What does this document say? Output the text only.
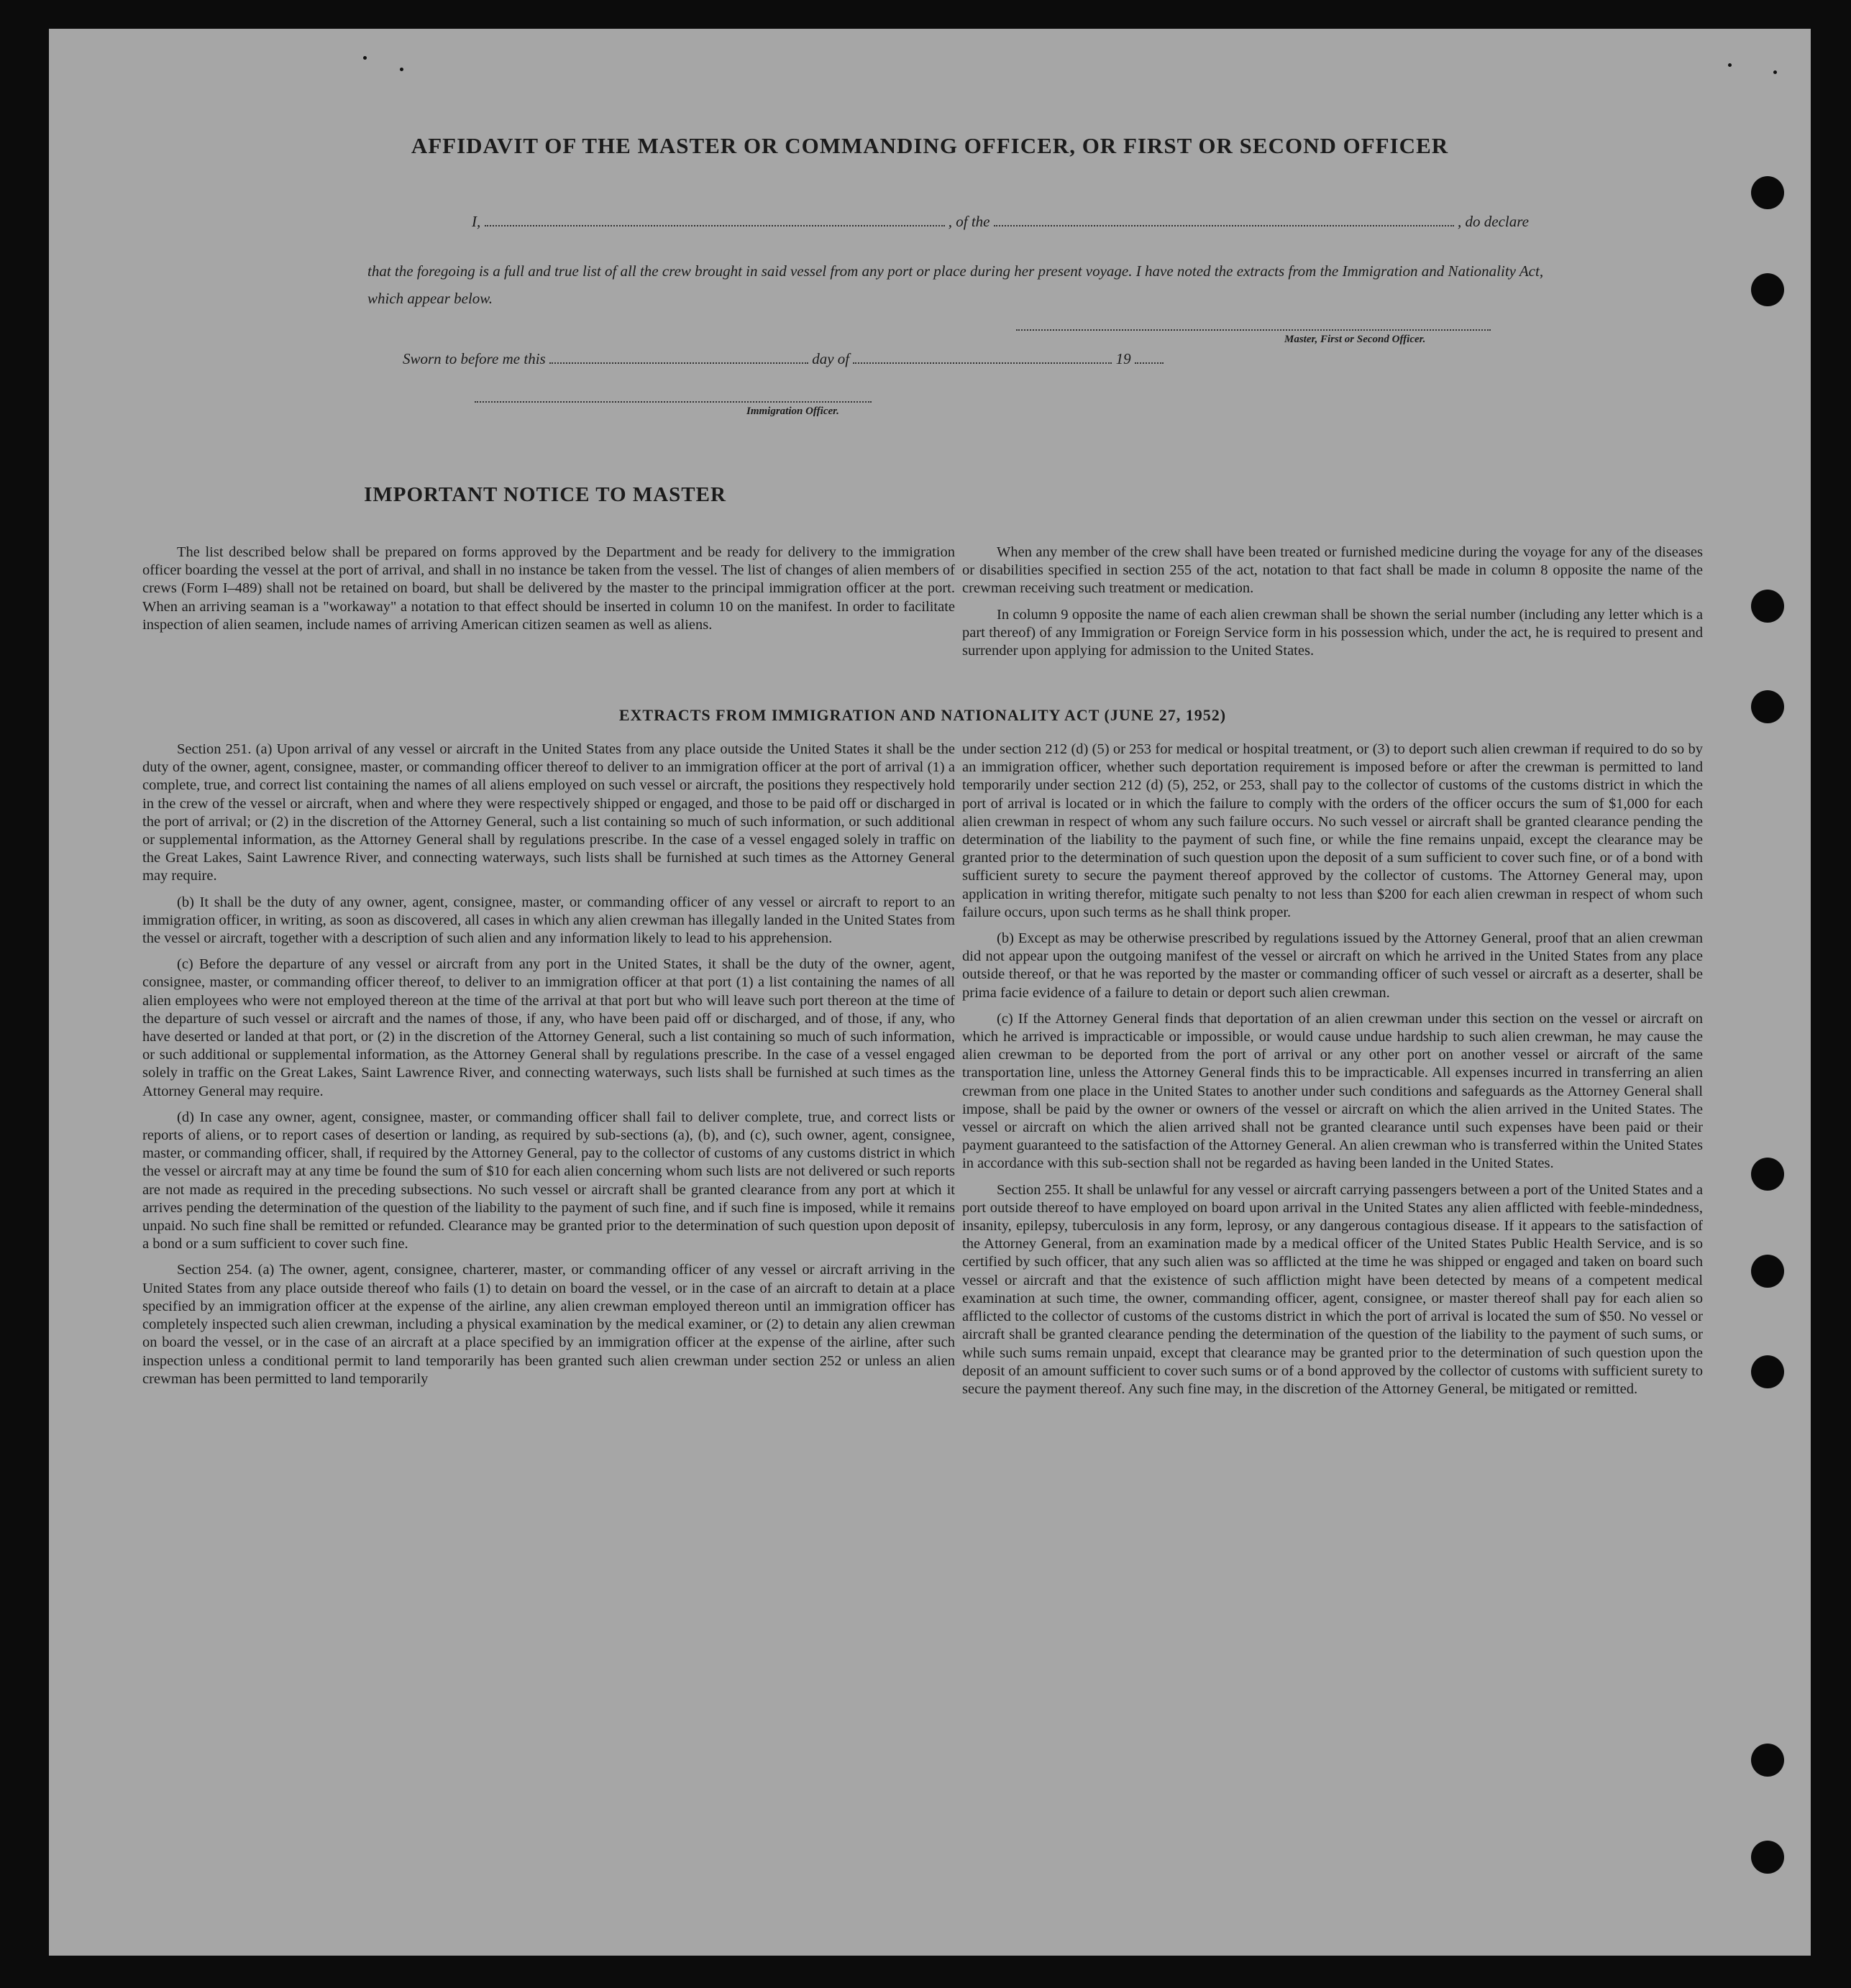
AFFIDAVIT OF THE MASTER OR COMMANDING OFFICER, OR FIRST OR SECOND OFFICER
I,	, of the	, do declare
that the foregoing is a full and true list of all the crew brought in said vessel from any port or place during her present voyage. I have noted the extracts from the Immigration and Nationality Act, which appear below.
Master, First or Second Officer.
Sworn to before me this	day of	19
Immigration Officer.
IMPORTANT NOTICE TO MASTER

The list described below shall be prepared on forms approved by the Department and be ready for delivery to the immigration officer boarding the vessel at the port of arrival, and shall in no instance be taken from the vessel. The list of changes of alien members of crews (Form I–489) shall not be retained on board, but shall be delivered by the master to the principal immigration officer at the port. When an arriving seaman is a "workaway" a notation to that effect should be inserted in column 10 on the manifest. In order to facilitate inspection of alien seamen, include names of arriving American citizen seamen as well as aliens.

When any member of the crew shall have been treated or furnished medicine during the voyage for any of the diseases or disabilities specified in section 255 of the act, notation to that fact shall be made in column 8 opposite the name of the crewman receiving such treatment or medication.

In column 9 opposite the name of each alien crewman shall be shown the serial number (including any letter which is a part thereof) of any Immigration or Foreign Service form in his possession which, under the act, he is required to present and surrender upon applying for admission to the United States.

EXTRACTS FROM IMMIGRATION AND NATIONALITY ACT (JUNE 27, 1952)

Section 251. (a) Upon arrival of any vessel or aircraft in the United States from any place outside the United States it shall be the duty of the owner, agent, consignee, master, or commanding officer thereof to deliver to an immigration officer at the port of arrival (1) a complete, true, and correct list containing the names of all aliens employed on such vessel or aircraft, the positions they respectively hold in the crew of the vessel or aircraft, when and where they were respectively shipped or engaged, and those to be paid off or discharged in the port of arrival; or (2) in the discretion of the Attorney General, such a list containing so much of such information, or such additional or supplemental information, as the Attorney General shall by regulations prescribe. In the case of a vessel engaged solely in traffic on the Great Lakes, Saint Lawrence River, and connecting waterways, such lists shall be furnished at such times as the Attorney General may require.

(b) It shall be the duty of any owner, agent, consignee, master, or commanding officer of any vessel or aircraft to report to an immigration officer, in writing, as soon as discovered, all cases in which any alien crewman has illegally landed in the United States from the vessel or aircraft, together with a description of such alien and any information likely to lead to his apprehension.

(c) Before the departure of any vessel or aircraft from any port in the United States, it shall be the duty of the owner, agent, consignee, master, or commanding officer thereof, to deliver to an immigration officer at that port (1) a list containing the names of all alien employees who were not employed thereon at the time of the arrival at that port but who will leave such port thereon at the time of the departure of such vessel or aircraft and the names of those, if any, who have been paid off or discharged, and of those, if any, who have deserted or landed at that port, or (2) in the discretion of the Attorney General, such a list containing so much of such information, or such additional or supplemental information, as the Attorney General shall by regulations prescribe. In the case of a vessel engaged solely in traffic on the Great Lakes, Saint Lawrence River, and connecting waterways, such lists shall be furnished at such times as the Attorney General may require.

(d) In case any owner, agent, consignee, master, or commanding officer shall fail to deliver complete, true, and correct lists or reports of aliens, or to report cases of desertion or landing, as required by sub-sections (a), (b), and (c), such owner, agent, consignee, master, or commanding officer, shall, if required by the Attorney General, pay to the collector of customs of any customs district in which the vessel or aircraft may at any time be found the sum of $10 for each alien concerning whom such lists are not delivered or such reports are not made as required in the preceding subsections. No such vessel or aircraft shall be granted clearance from any port at which it arrives pending the determination of the question of the liability to the payment of such fine, and if such fine is imposed, while it remains unpaid. No such fine shall be remitted or refunded. Clearance may be granted prior to the determination of such question upon deposit of a bond or a sum sufficient to cover such fine.

Section 254. (a) The owner, agent, consignee, charterer, master, or commanding officer of any vessel or aircraft arriving in the United States from any place outside thereof who fails (1) to detain on board the vessel, or in the case of an aircraft to detain at a place specified by an immigration officer at the expense of the airline, any alien crewman employed thereon until an immigration officer has completely inspected such alien crewman, including a physical examination by the medical examiner, or (2) to detain any alien crewman on board the vessel, or in the case of an aircraft at a place specified by an immigration officer at the expense of the airline, after such inspection unless a conditional permit to land temporarily has been granted such alien crewman under section 252 or unless an alien crewman has been permitted to land temporarily

under section 212 (d) (5) or 253 for medical or hospital treatment, or (3) to deport such alien crewman if required to do so by an immigration officer, whether such deportation requirement is imposed before or after the crewman is permitted to land temporarily under section 212 (d) (5), 252, or 253, shall pay to the collector of customs of the customs district in which the port of arrival is located or in which the failure to comply with the orders of the officer occurs the sum of $1,000 for each alien crewman in respect of whom any such failure occurs. No such vessel or aircraft shall be granted clearance pending the determination of the liability to the payment of such fine, or while the fine remains unpaid, except the clearance may be granted prior to the determination of such question upon the deposit of a sum sufficient to cover such fine, or of a bond with sufficient surety to secure the payment thereof approved by the collector of customs. The Attorney General may, upon application in writing therefor, mitigate such penalty to not less than $200 for each alien crewman in respect of whom such failure occurs, upon such terms as he shall think proper.

(b) Except as may be otherwise prescribed by regulations issued by the Attorney General, proof that an alien crewman did not appear upon the outgoing manifest of the vessel or aircraft on which he arrived in the United States from any place outside thereof, or that he was reported by the master or commanding officer of such vessel or aircraft as a deserter, shall be prima facie evidence of a failure to detain or deport such alien crewman.

(c) If the Attorney General finds that deportation of an alien crewman under this section on the vessel or aircraft on which he arrived is impracticable or impossible, or would cause undue hardship to such alien crewman, he may cause the alien crewman to be deported from the port of arrival or any other port on another vessel or aircraft of the same transportation line, unless the Attorney General finds this to be impracticable. All expenses incurred in transferring an alien crewman from one place in the United States to another under such conditions and safeguards as the Attorney General shall impose, shall be paid by the owner or owners of the vessel or aircraft on which the alien arrived in the United States. The vessel or aircraft on which the alien arrived shall not be granted clearance until such expenses have been paid or their payment guaranteed to the satisfaction of the Attorney General. An alien crewman who is transferred within the United States in accordance with this sub-section shall not be regarded as having been landed in the United States.

Section 255. It shall be unlawful for any vessel or aircraft carrying passengers between a port of the United States and a port outside thereof to have employed on board upon arrival in the United States any alien afflicted with feeble-mindedness, insanity, epilepsy, tuberculosis in any form, leprosy, or any dangerous contagious disease. If it appears to the satisfaction of the Attorney General, from an examination made by a medical officer of the United States Public Health Service, and is so certified by such officer, that any such alien was so afflicted at the time he was shipped or engaged and taken on board such vessel or aircraft and that the existence of such affliction might have been detected by means of a competent medical examination at such time, the owner, commanding officer, agent, consignee, or master thereof shall pay for each alien so afflicted to the collector of customs of the customs district in which the port of arrival is located the sum of $50. No vessel or aircraft shall be granted clearance pending the determination of the question of the liability to the payment of such sums, or while such sums remain unpaid, except that clearance may be granted prior to the determination of such question upon the deposit of an amount sufficient to cover such sums or of a bond approved by the collector of customs with sufficient surety to secure the payment thereof. Any such fine may, in the discretion of the Attorney General, be mitigated or remitted.
